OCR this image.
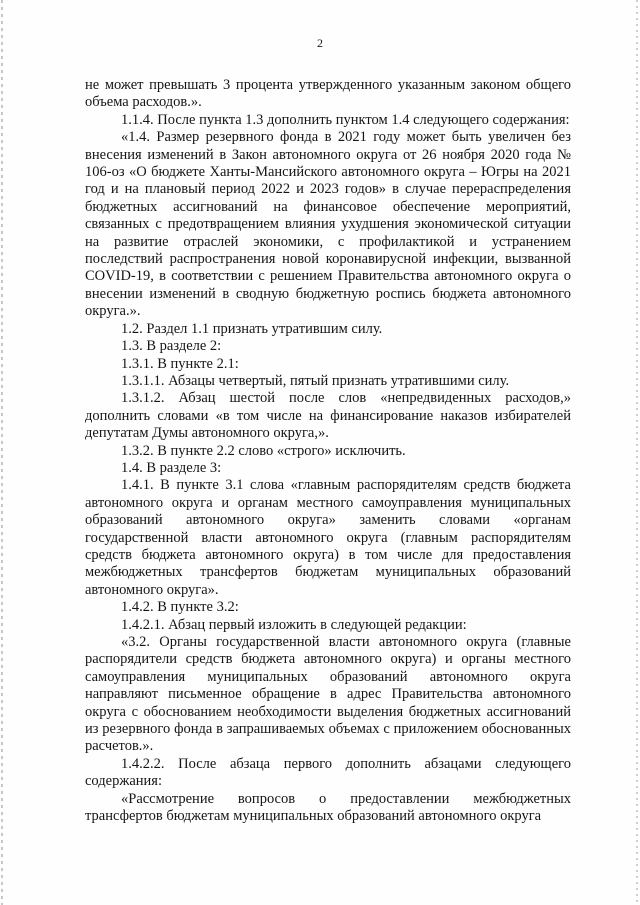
2

не может превышать 3 процента утвержденного указанным законом общего объема расходов.».

1.1.4. После пункта 1.3 дополнить пунктом 1.4 следующего содержания:

«1.4. Размер резервного фонда в 2021 году может быть увеличен без внесения изменений в Закон автономного округа от 26 ноября 2020 года № 106-оз «О бюджете Ханты-Мансийского автономного округа – Югры на 2021 год и на плановый период 2022 и 2023 годов» в случае перераспределения бюджетных ассигнований на финансовое обеспечение мероприятий, связанных с предотвращением влияния ухудшения экономической ситуации на развитие отраслей экономики, с профилактикой и устранением последствий распространения новой коронавирусной инфекции, вызванной COVID-19, в соответствии с решением Правительства автономного округа о внесении изменений в сводную бюджетную роспись бюджета автономного округа.».

1.2. Раздел 1.1 признать утратившим силу.

1.3. В разделе 2:

1.3.1. В пункте 2.1:

1.3.1.1. Абзацы четвертый, пятый признать утратившими силу.

1.3.1.2. Абзац шестой после слов «непредвиденных расходов,» дополнить словами «в том числе на финансирование наказов избирателей депутатам Думы автономного округа,».

1.3.2. В пункте 2.2 слово «строго» исключить.

1.4. В разделе 3:

1.4.1. В пункте 3.1 слова «главным распорядителям средств бюджета автономного округа и органам местного самоуправления муниципальных образований автономного округа» заменить словами «органам государственной власти автономного округа (главным распорядителям средств бюджета автономного округа) в том числе для предоставления межбюджетных трансфертов бюджетам муниципальных образований автономного округа».

1.4.2. В пункте 3.2:

1.4.2.1. Абзац первый изложить в следующей редакции:

«3.2. Органы государственной власти автономного округа (главные распорядители средств бюджета автономного округа) и органы местного самоуправления муниципальных образований автономного округа направляют письменное обращение в адрес Правительства автономного округа с обоснованием необходимости выделения бюджетных ассигнований из резервного фонда в запрашиваемых объемах с приложением обоснованных расчетов.».

1.4.2.2. После абзаца первого дополнить абзацами следующего содержания:

«Рассмотрение вопросов о предоставлении межбюджетных трансфертов бюджетам муниципальных образований автономного округа
